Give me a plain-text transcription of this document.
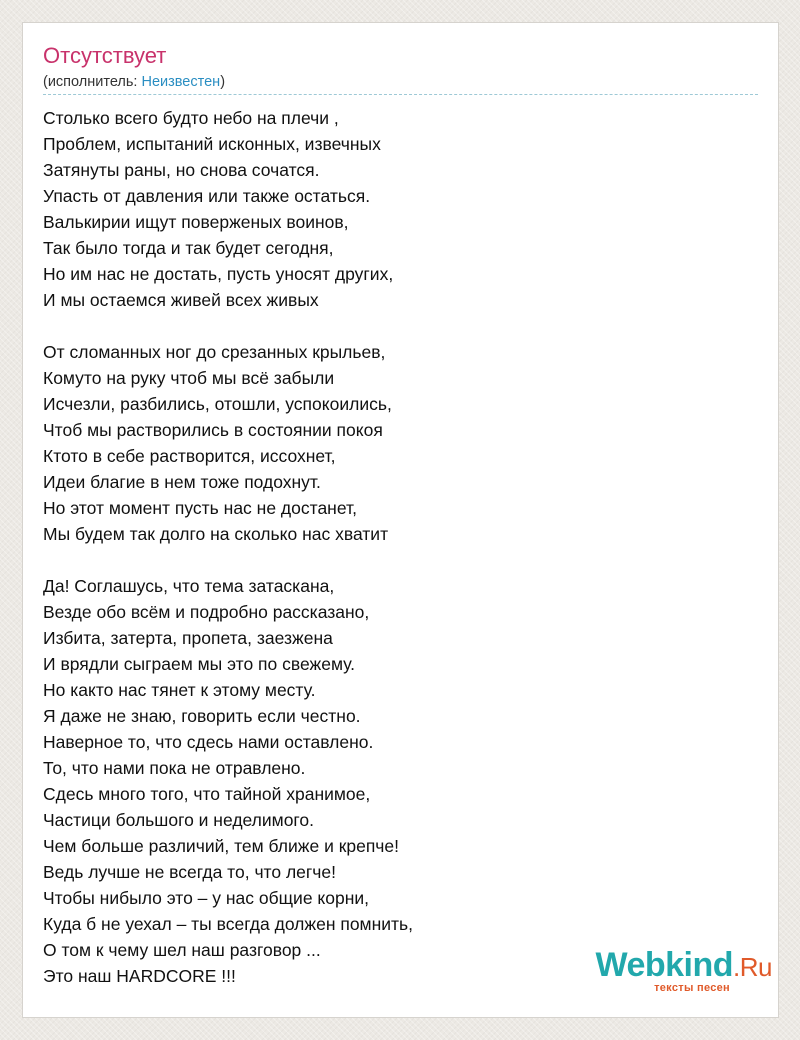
Отсутствует
(исполнитель: Неизвестен)
Столько всего будто небо на плечи ,
Проблем, испытаний исконных, извечных
Затянуты раны, но снова сочатся.
Упасть от давления или также остаться.
Валькирии ищут поверженых воинов,
Так было тогда и так будет сегодня,
Но им нас не достать, пусть уносят других,
И мы остаемся живей всех живых
От сломанных ног до срезанных крыльев,
Комуто на руку чтоб мы всё забыли
Исчезли, разбились, отошли, успокоились,
Чтоб мы растворились в состоянии покоя
Ктото в себе растворится, иссохнет,
Идеи благие в нем тоже подохнут.
Но этот момент пусть нас не достанет,
Мы будем так долго на сколько нас хватит
Да! Соглашусь, что тема затаскана,
Везде обо всём и подробно рассказано,
Избита, затерта, пропета, заезжена
И врядли сыграем мы это по свежему.
Но както нас тянет к этому месту.
Я даже не знаю, говорить если честно.
Наверное то, что сдесь нами оставлено.
То, что нами пока не отравлено.
Сдесь много того, что тайной хранимое,
Частици большого и неделимого.
Чем больше различий, тем ближе и крепче!
Ведь лучше не всегда то, что легче!
Чтобы нибыло это – у нас общие корни,
Куда б не уехал – ты всегда должен помнить,
О том к чему шел наш разговор ...
Это наш HARDCORE !!!	Webkind.Ru
тексты песен
